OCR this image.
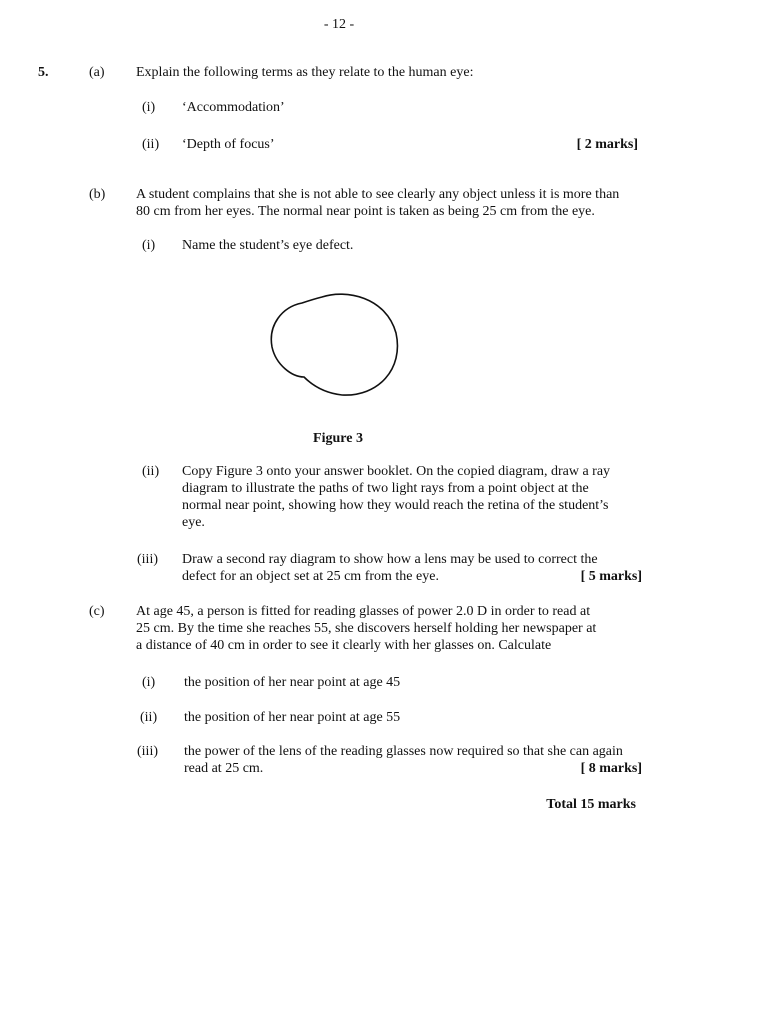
- 12 -
5.	(a) Explain the following terms as they relate to the human eye:
(i) ‘Accommodation’
(ii) ‘Depth of focus’	[ 2 marks]
(b) A student complains that she is not able to see clearly any object unless it is more than
80 cm from her eyes. The normal near point is taken as being 25 cm from the eye.
(i) Name the student’s eye defect.
Figure 3
(ii) Copy Figure 3 onto your answer booklet. On the copied diagram, draw a ray
diagram to illustrate the paths of two light rays from a point object at the
normal near point, showing how they would reach the retina of the student’s
eye.
(iii) Draw a second ray diagram to show how a lens may be used to correct the
defect for an object set at 25 cm from the eye.	[ 5 marks]
(c) At age 45, a person is fitted for reading glasses of power 2.0 D in order to read at
25 cm. By the time she reaches 55, she discovers herself holding her newspaper at
a distance of 40 cm in order to see it clearly with her glasses on. Calculate
(i) the position of her near point at age 45
(ii) the position of her near point at age 55
(iii) the power of the lens of the reading glasses now required so that she can again
read at 25 cm.	[ 8 marks]
Total 15 marks
